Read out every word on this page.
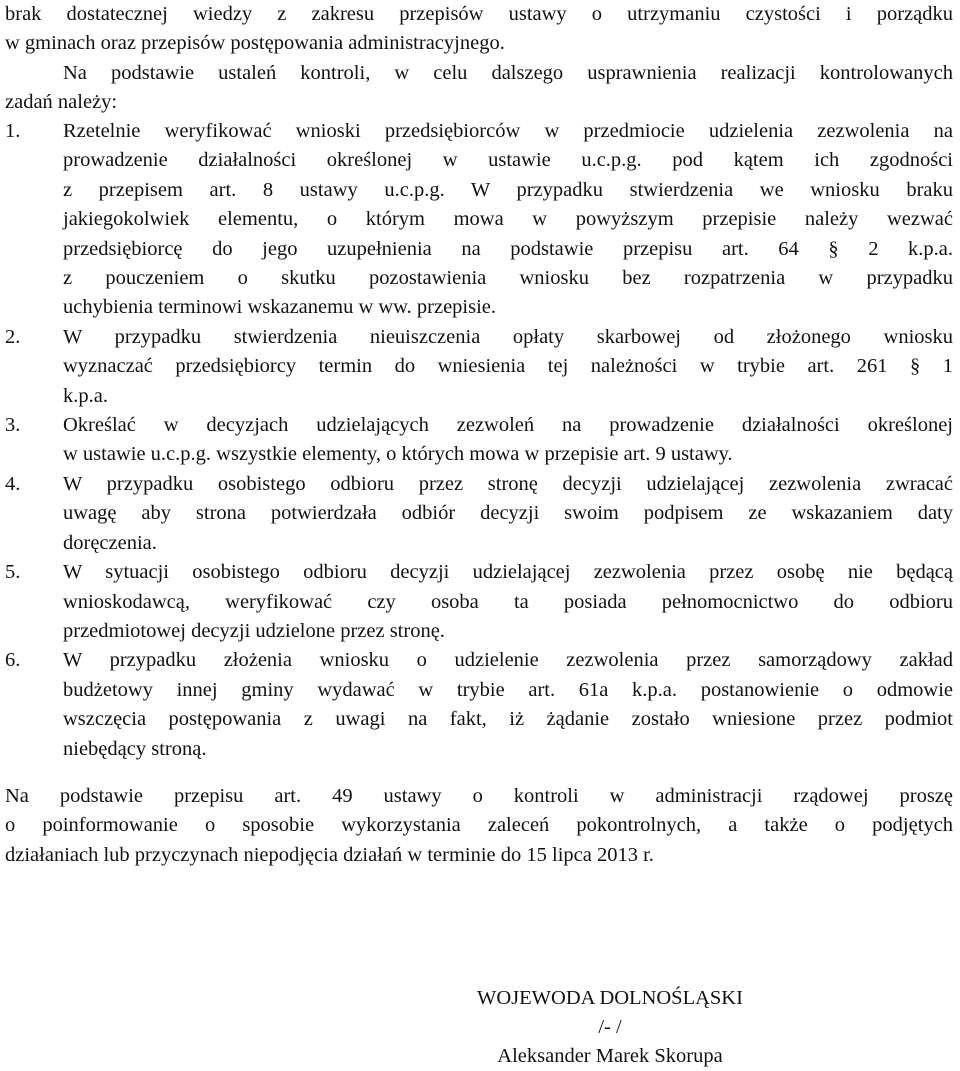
brak dostatecznej wiedzy z zakresu przepisów ustawy o utrzymaniu czystości i porządku

w gminach oraz przepisów postępowania administracyjnego.

Na podstawie ustaleń kontroli, w celu dalszego usprawnienia realizacji kontrolowanych

zadań należy:

1. Rzetelnie weryfikować wnioski przedsiębiorców w przedmiocie udzielenia zezwolenia na
prowadzenie działalności określonej w ustawie u.c.p.g. pod kątem ich zgodności
z przepisem art. 8 ustawy u.c.p.g. W przypadku stwierdzenia we wniosku braku
jakiegokolwiek elementu, o którym mowa w powyższym przepisie należy wezwać
przedsiębiorcę do jego uzupełnienia na podstawie przepisu art. 64 § 2 k.p.a.
z pouczeniem o skutku pozostawienia wniosku bez rozpatrzenia w przypadku
uchybienia terminowi wskazanemu w ww. przepisie.
2. W przypadku stwierdzenia nieuiszczenia opłaty skarbowej od złożonego wniosku
wyznaczać przedsiębiorcy termin do wniesienia tej należności w trybie art. 261 § 1
k.p.a.
3. Określać w decyzjach udzielających zezwoleń na prowadzenie działalności określonej
w ustawie u.c.p.g. wszystkie elementy, o których mowa w przepisie art. 9 ustawy.
4. W przypadku osobistego odbioru przez stronę decyzji udzielającej zezwolenia zwracać
uwagę aby strona potwierdzała odbiór decyzji swoim podpisem ze wskazaniem daty
doręczenia.
5. W sytuacji osobistego odbioru decyzji udzielającej zezwolenia przez osobę nie będącą
wnioskodawcą, weryfikować czy osoba ta posiada pełnomocnictwo do odbioru
przedmiotowej decyzji udzielone przez stronę.
6. W przypadku złożenia wniosku o udzielenie zezwolenia przez samorządowy zakład
budżetowy innej gminy wydawać w trybie art. 61a k.p.a. postanowienie o odmowie
wszczęcia postępowania z uwagi na fakt, iż żądanie zostało wniesione przez podmiot
niebędący stroną.

Na podstawie przepisu art. 49 ustawy o kontroli w administracji rządowej proszę

o poinformowanie o sposobie wykorzystania zaleceń pokontrolnych, a także o podjętych

działaniach lub przyczynach niepodjęcia działań w terminie do 15 lipca 2013 r.

WOJEWODA DOLNOŚLĄSKI
/- /
Aleksander Marek Skorupa
